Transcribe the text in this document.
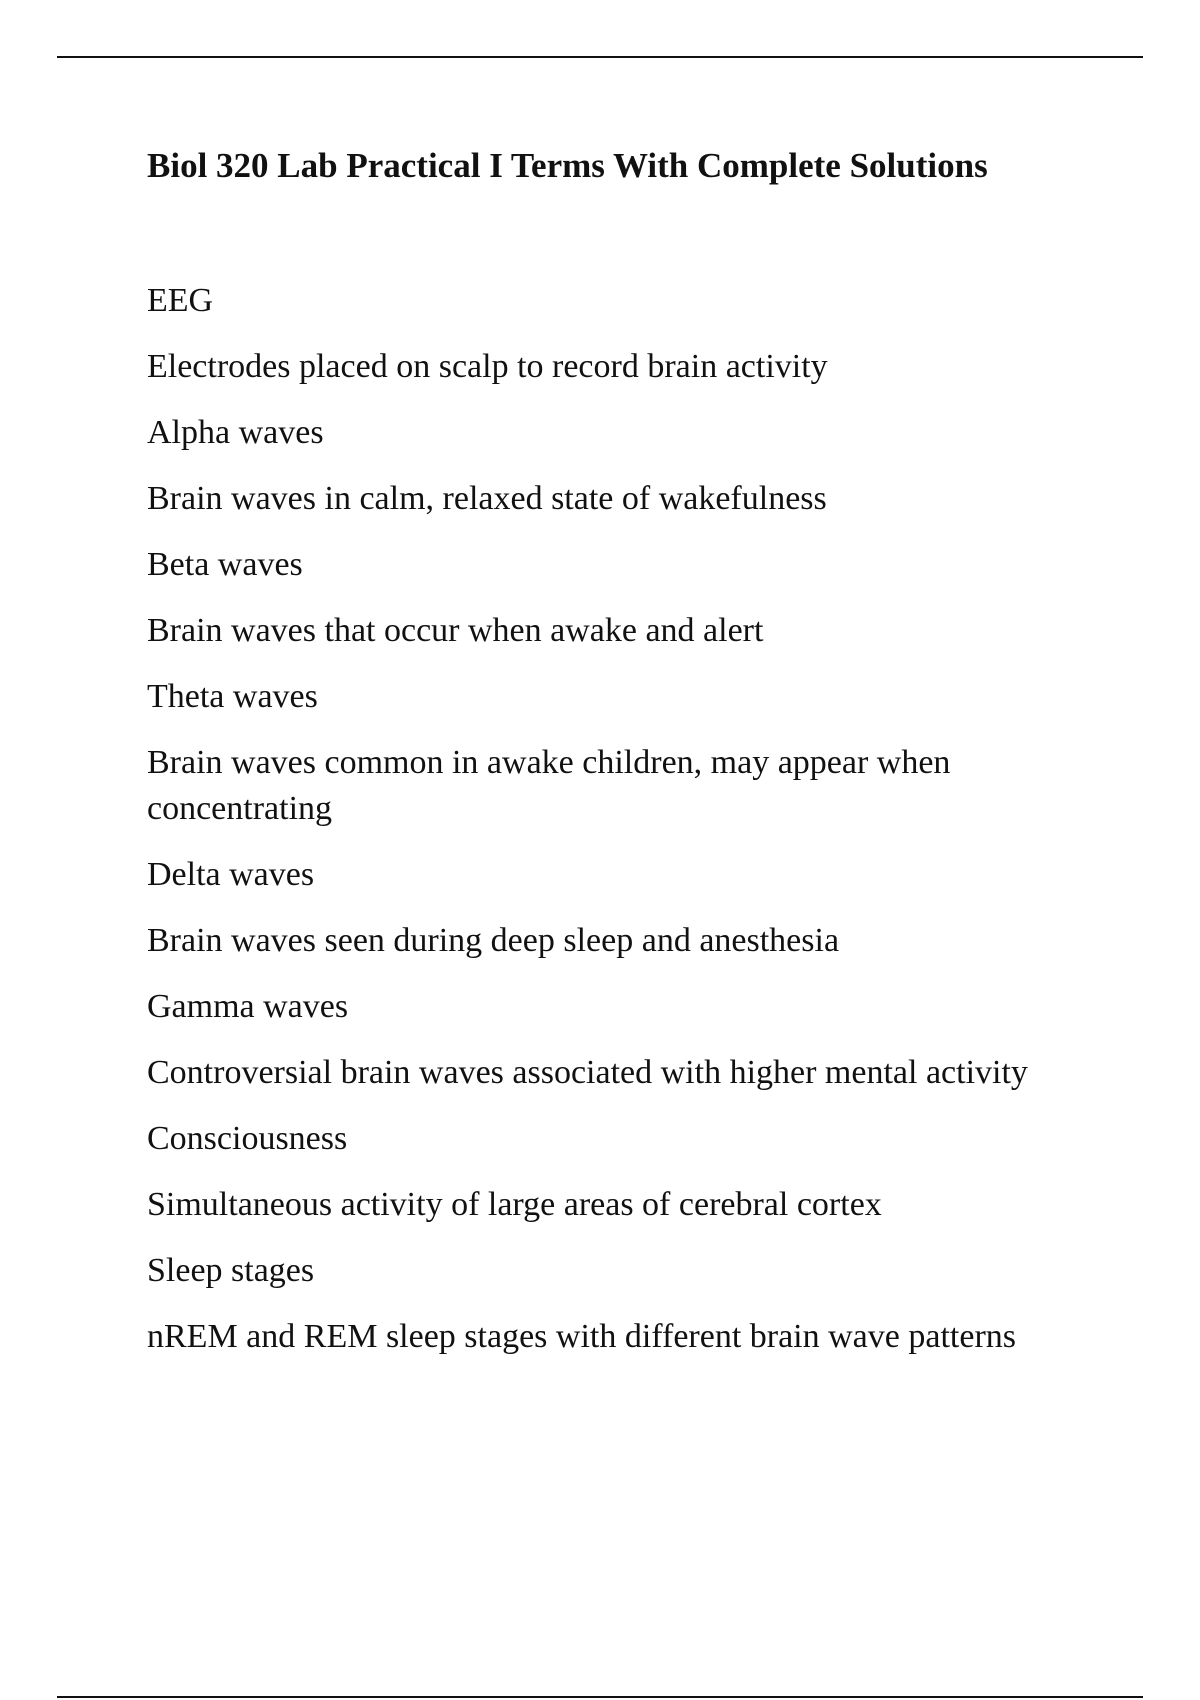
Biol 320 Lab Practical I Terms With Complete Solutions

EEG

Electrodes placed on scalp to record brain activity

Alpha waves

Brain waves in calm, relaxed state of wakefulness

Beta waves

Brain waves that occur when awake and alert

Theta waves

Brain waves common in awake children, may appear when concentrating

Delta waves

Brain waves seen during deep sleep and anesthesia

Gamma waves

Controversial brain waves associated with higher mental activity

Consciousness

Simultaneous activity of large areas of cerebral cortex

Sleep stages

nREM and REM sleep stages with different brain wave patterns
